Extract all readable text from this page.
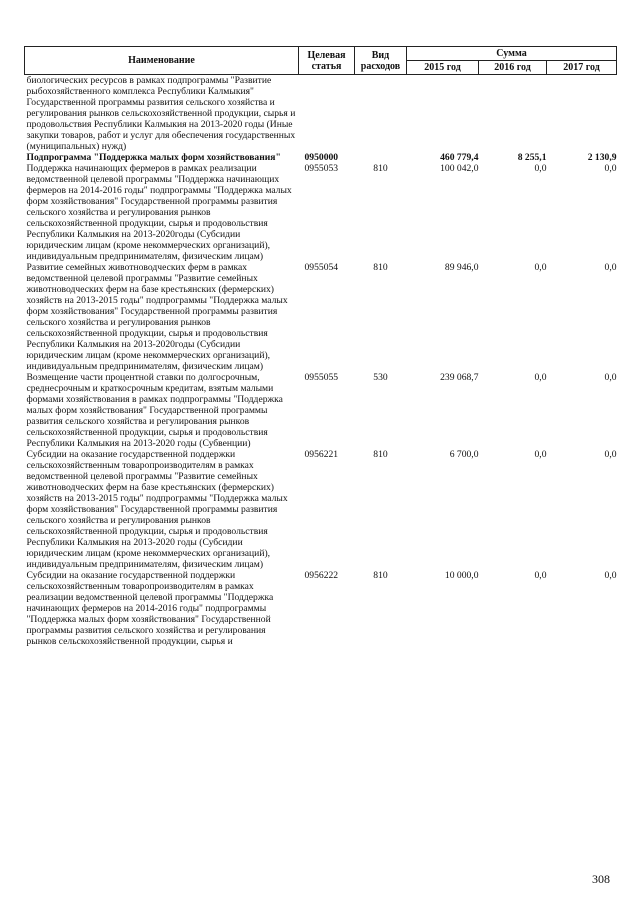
Наименование	Целевая статья	Вид расходов	Сумма		
			2015 год	2016 год	2017 год
биологических ресурсов в рамках подпрограммы "Развитие рыбохозяйственного комплекса Республики Калмыкия" Государственной программы развития сельского хозяйства и регулирования рынков сельскохозяйственной продукции, сырья и продовольствия Республики Калмыкия на 2013-2020 годы (Иные закупки товаров, работ и услуг для обеспечения государственных (муниципальных) нужд)					
Подпрограмма "Поддержка малых форм хозяйствования"	0950000		460 779,4	8 255,1	2 130,9
Поддержка начинающих фермеров в рамках реализации ведомственной целевой программы "Поддержка начинающих фермеров на 2014-2016 годы" подпрограммы "Поддержка малых форм хозяйствования" Государственной программы развития сельского хозяйства и регулирования рынков сельскохозяйственной продукции, сырья и продовольствия Республики Калмыкия на 2013-2020годы (Субсидии юридическим лицам (кроме некоммерческих организаций), индивидуальным предпринимателям, физическим лицам)	0955053	810	100 042,0	0,0	0,0
Развитие семейных животноводческих ферм в рамках ведомственной целевой программы "Развитие семейных животноводческих ферм на базе крестьянских (фермерских) хозяйств на 2013-2015 годы" подпрограммы "Поддержка малых форм хозяйствования" Государственной программы развития сельского хозяйства и регулирования рынков сельскохозяйственной продукции, сырья и продовольствия Республики Калмыкия на 2013-2020годы (Субсидии юридическим лицам (кроме некоммерческих организаций), индивидуальным предпринимателям, физическим лицам)	0955054	810	89 946,0	0,0	0,0
Возмещение части процентной ставки по долгосрочным, среднесрочным и краткосрочным кредитам, взятым малыми формами хозяйствования в рамках подпрограммы "Поддержка малых форм хозяйствования" Государственной программы развития сельского хозяйства и регулирования рынков сельскохозяйственной продукции, сырья и продовольствия Республики Калмыкия на 2013-2020 годы (Субвенции)	0955055	530	239 068,7	0,0	0,0
Субсидии на оказание государственной поддержки сельскохозяйственным товаропроизводителям в рамках ведомственной целевой программы "Развитие семейных животноводческих ферм на базе крестьянских (фермерских) хозяйств на 2013-2015 годы" подпрограммы "Поддержка малых форм хозяйствования" Государственной программы развития сельского хозяйства и регулирования рынков сельскохозяйственной продукции, сырья и продовольствия Республики Калмыкия на 2013-2020 годы (Субсидии юридическим лицам (кроме некоммерческих организаций), индивидуальным предпринимателям, физическим лицам)	0956221	810	6 700,0	0,0	0,0
Субсидии на оказание государственной поддержки сельскохозяйственным товаропроизводителям в рамках реализации ведомственной целевой программы "Поддержка начинающих фермеров на 2014-2016 годы" подпрограммы "Поддержка малых форм хозяйствования" Государственной программы развития сельского хозяйства и регулирования рынков сельскохозяйственной продукции, сырья и	0956222	810	10 000,0	0,0	0,0
308
